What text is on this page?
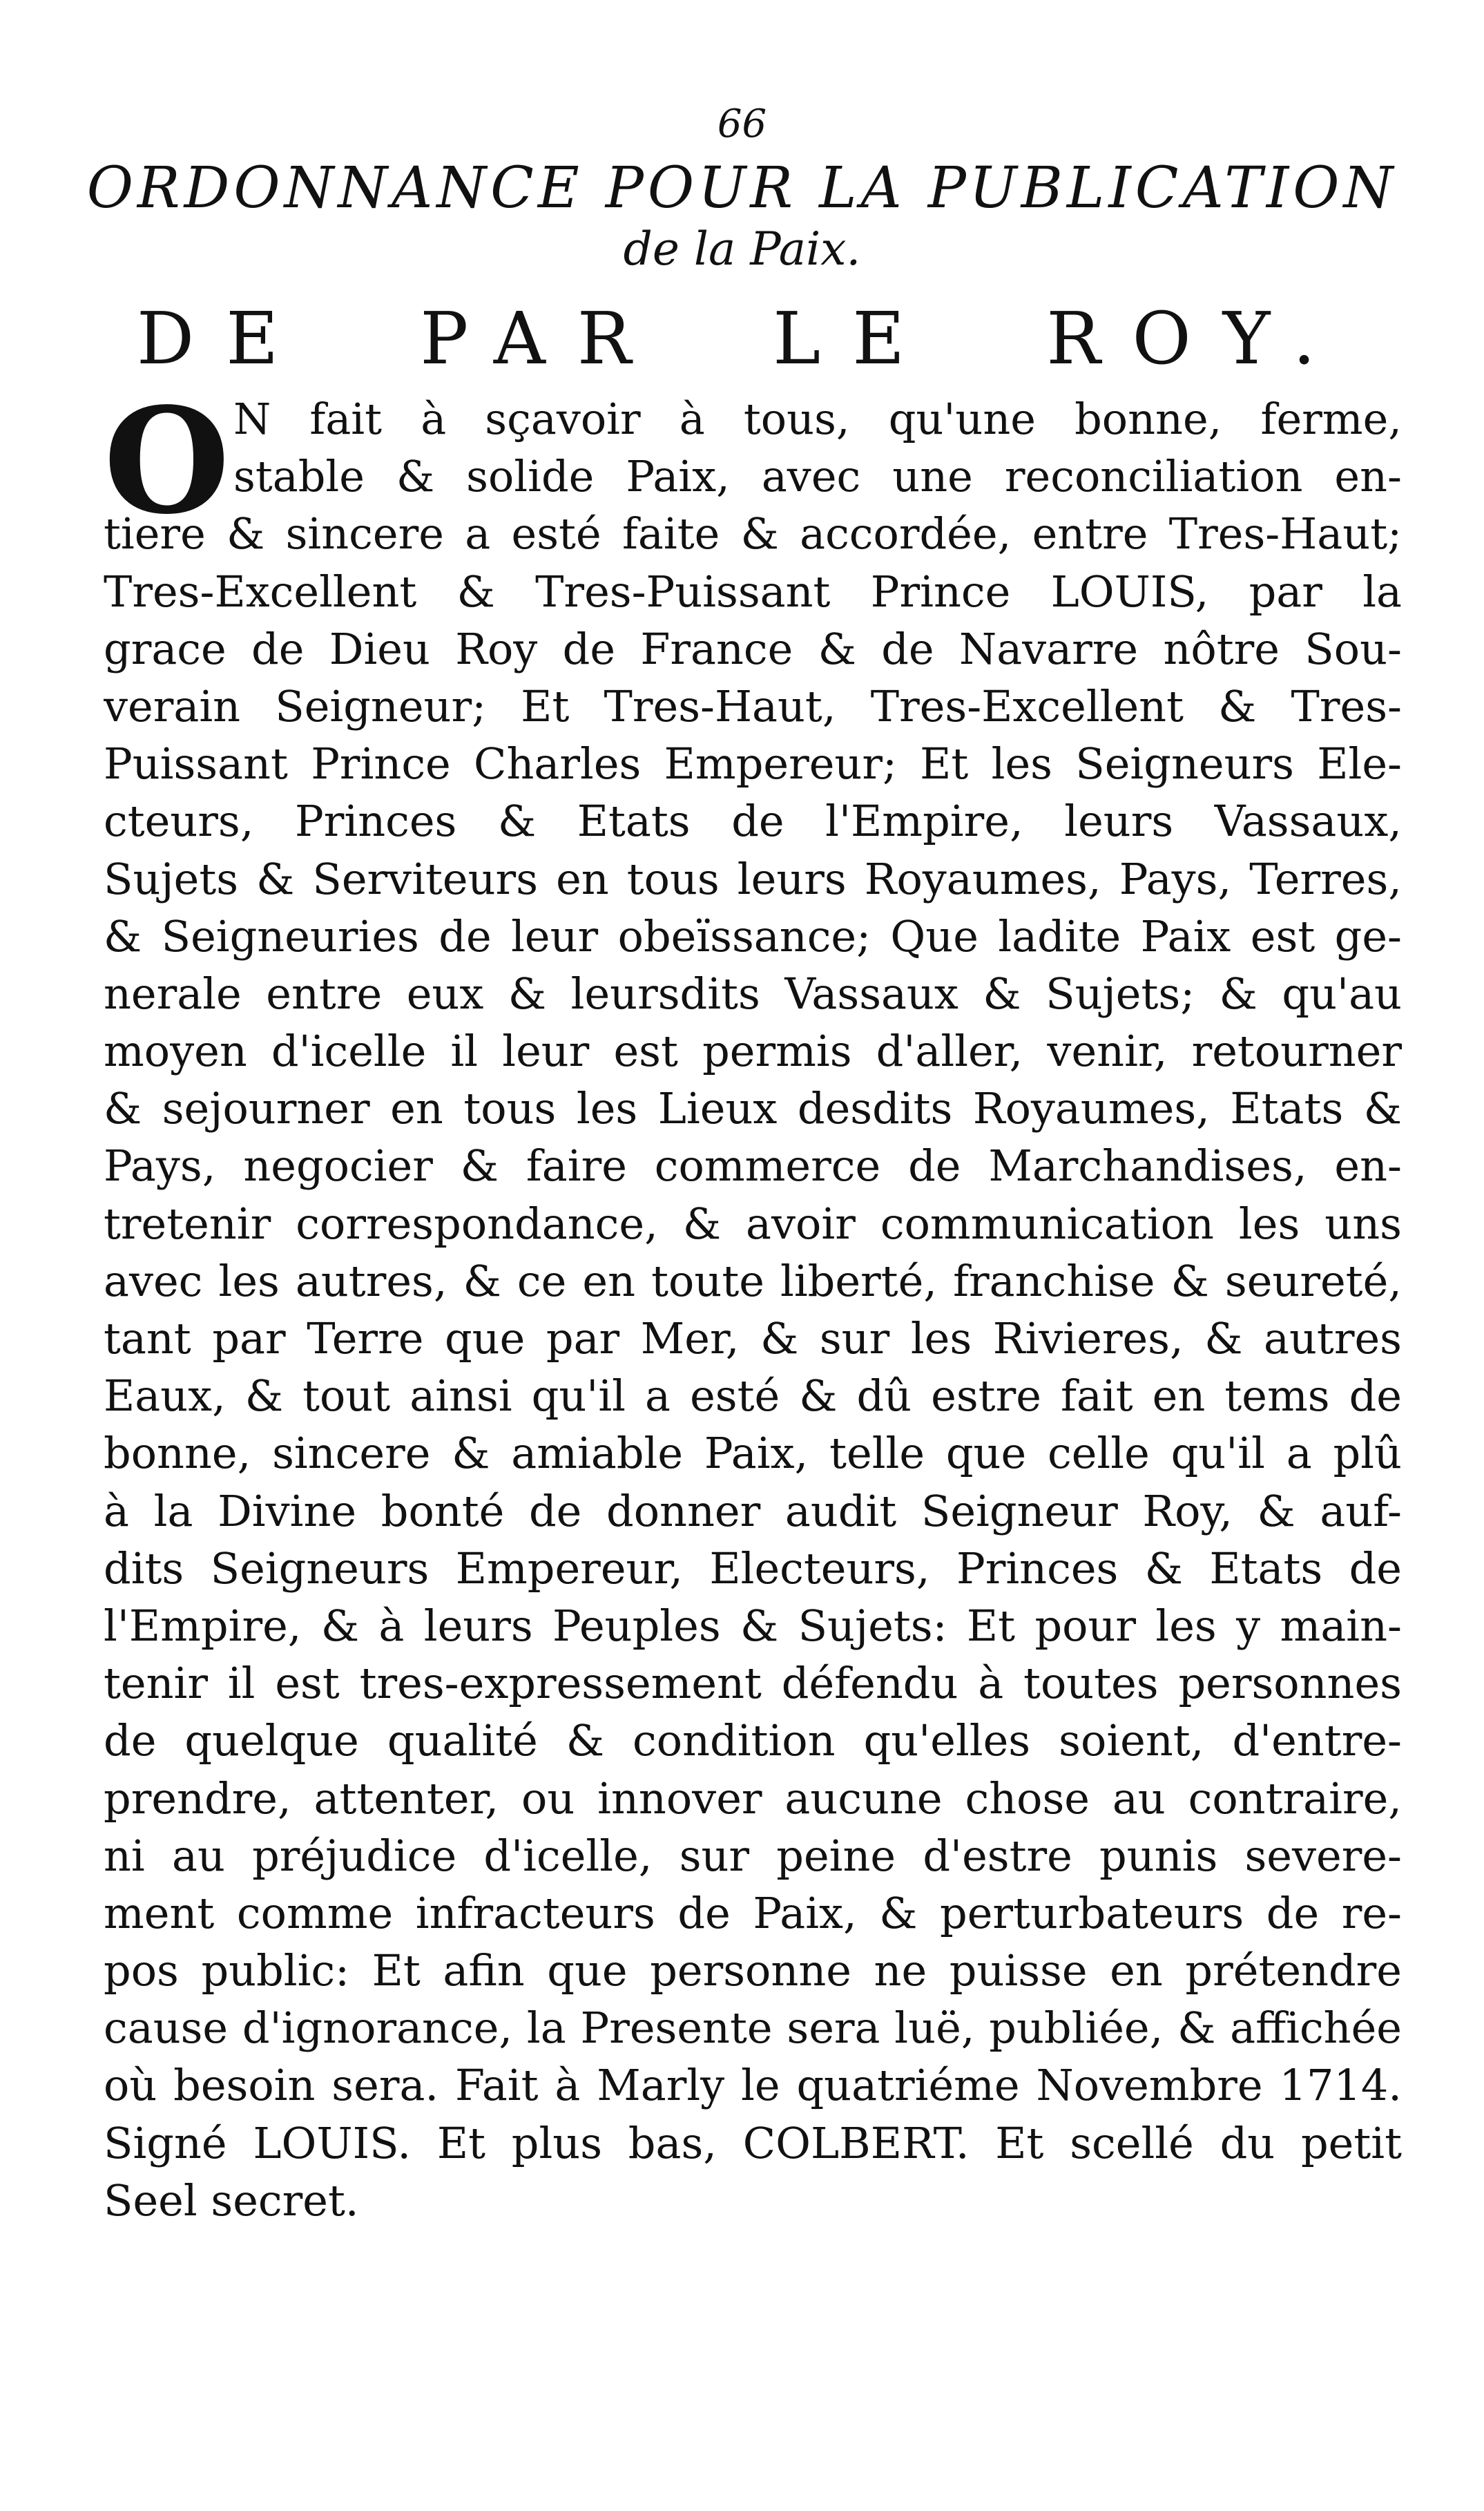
66
ORDONNANCE POUR LA PUBLICATION
de la Paix.
DE PAR LE ROY.
O N fait à sçavoir à tous, qu'une bonne, ferme,
stable & solide Paix, avec une reconciliation en-
tiere & sincere a esté faite & accordée, entre Tres-Haut;
Tres-Excellent & Tres-Puissant Prince LOUIS, par la
grace de Dieu Roy de France & de Navarre nôtre Sou-
verain Seigneur; Et Tres-Haut, Tres-Excellent & Tres-
Puissant Prince Charles Empereur; Et les Seigneurs Ele-
cteurs, Princes & Etats de l'Empire, leurs Vassaux,
Sujets & Serviteurs en tous leurs Royaumes, Pays, Terres,
& Seigneuries de leur obeïssance; Que ladite Paix est ge-
nerale entre eux & leursdits Vassaux & Sujets; & qu'au
moyen d'icelle il leur est permis d'aller, venir, retourner
& sejourner en tous les Lieux desdits Royaumes, Etats &
Pays, negocier & faire commerce de Marchandises, en-
tretenir correspondance, & avoir communication les uns
avec les autres, & ce en toute liberté, franchise & seureté,
tant par Terre que par Mer, & sur les Rivieres, & autres
Eaux, & tout ainsi qu'il a esté & dû estre fait en tems de
bonne, sincere & amiable Paix, telle que celle qu'il a plû
à la Divine bonté de donner audit Seigneur Roy, & auf-
dits Seigneurs Empereur, Electeurs, Princes & Etats de
l'Empire, & à leurs Peuples & Sujets: Et pour les y main-
tenir il est tres-expressement défendu à toutes personnes
de quelque qualité & condition qu'elles soient, d'entre-
prendre, attenter, ou innover aucune chose au contraire,
ni au préjudice d'icelle, sur peine d'estre punis severe-
ment comme infracteurs de Paix, & perturbateurs de re-
pos public: Et afin que personne ne puisse en prétendre
cause d'ignorance, la Presente sera luë, publiée, & affichée
où besoin sera. Fait à Marly le quatriéme Novembre 1714.
Signé LOUIS. Et plus bas, COLBERT. Et scellé du petit
Seel secret.
